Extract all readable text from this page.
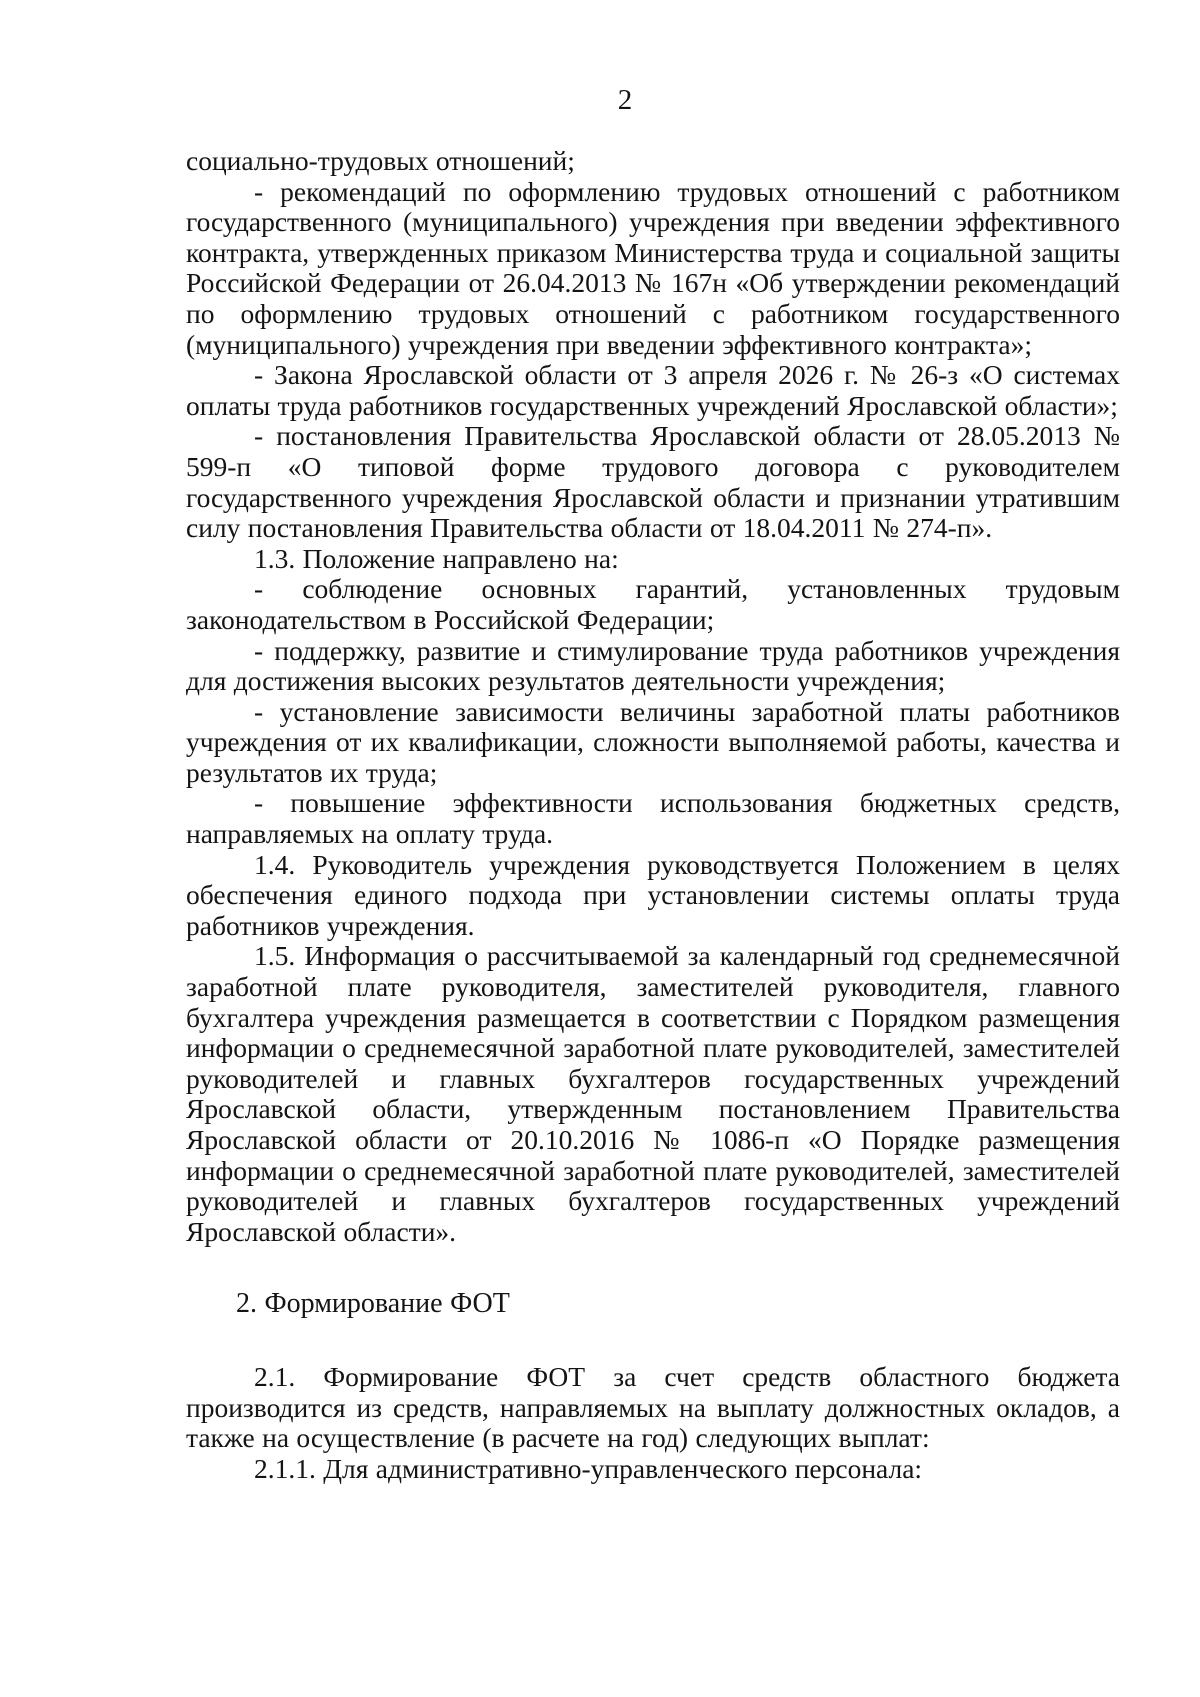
2

социально-трудовых отношений;

- рекомендаций по оформлению трудовых отношений с работником государственного (муниципального) учреждения при введении эффективного контракта, утвержденных приказом Министерства труда и социальной защиты Российской Федерации от 26.04.2013 № 167н «Об утверждении рекомендаций по оформлению трудовых отношений с работником государственного (муниципального) учреждения при введении эффективного контракта»;

- Закона Ярославской области от 3 апреля 2026 г. № 26-з «О системах оплаты труда работников государственных учреждений Ярославской области»;

- постановления Правительства Ярославской области от 28.05.2013 № 599-п «О типовой форме трудового договора с руководителем государственного учреждения Ярославской области и признании утратившим силу постановления Правительства области от 18.04.2011 № 274-п».

1.3. Положение направлено на:

- соблюдение основных гарантий, установленных трудовым законодательством в Российской Федерации;

- поддержку, развитие и стимулирование труда работников учреждения для достижения высоких результатов деятельности учреждения;

- установление зависимости величины заработной платы работников учреждения от их квалификации, сложности выполняемой работы, качества и результатов их труда;

- повышение эффективности использования бюджетных средств, направляемых на оплату труда.

1.4. Руководитель учреждения руководствуется Положением в целях обеспечения единого подхода при установлении системы оплаты труда работников учреждения.

1.5. Информация о рассчитываемой за календарный год среднемесячной заработной плате руководителя, заместителей руководителя, главного бухгалтера учреждения размещается в соответствии с Порядком размещения информации о среднемесячной заработной плате руководителей, заместителей руководителей и главных бухгалтеров государственных учреждений Ярославской области, утвержденным постановлением Правительства Ярославской области от 20.10.2016 № 1086-п «О Порядке размещения информации о среднемесячной заработной плате руководителей, заместителей руководителей и главных бухгалтеров государственных учреждений Ярославской области».

2. Формирование ФОТ

2.1. Формирование ФОТ за счет средств областного бюджета производится из средств, направляемых на выплату должностных окладов, а также на осуществление (в расчете на год) следующих выплат:

2.1.1. Для административно-управленческого персонала:
